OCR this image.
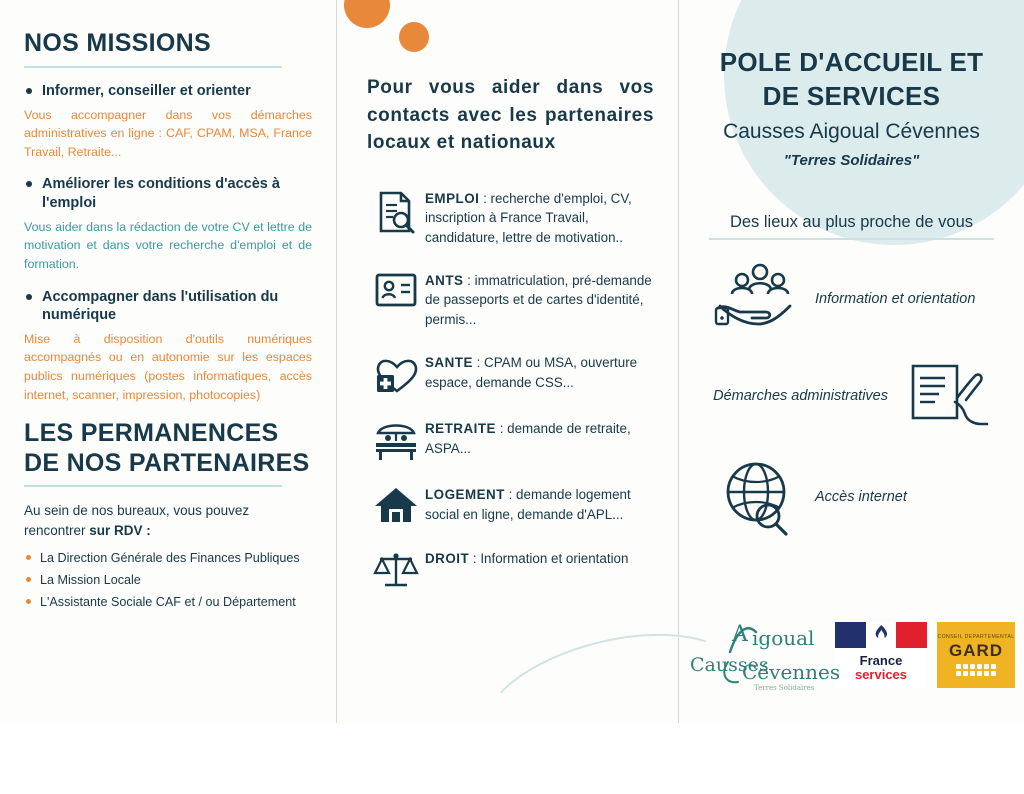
NOS MISSIONS
Informer, conseiller et orienter

Vous accompagner dans vos démarches administratives en ligne : CAF, CPAM, MSA, France Travail, Retraite...

Améliorer les conditions d'accès à l'emploi

Vous aider dans la rédaction de votre CV et lettre de motivation et dans votre recherche d'emploi et de formation.

Accompagner dans l'utilisation du numérique

Mise à disposition d'outils numériques accompagnés ou en autonomie sur les espaces publics numériques (postes informatiques, accès internet, scanner, impression, photocopies)

LES PERMANENCES
DE NOS PARTENAIRES

Au sein de nos bureaux, vous pouvez rencontrer sur RDV :

La Direction Générale des Finances Publiques
La Mission Locale
L'Assistante Sociale CAF et / ou Département
Pour vous aider dans vos contacts avec les partenaires locaux et nationaux
EMPLOI : recherche d'emploi, CV, inscription à France Travail, candidature, lettre de motivation..
ANTS : immatriculation, pré-demande de passeports et de cartes d'identité, permis...
SANTE : CPAM ou MSA, ouverture espace, demande CSS...
RETRAITE : demande de retraite, ASPA...
LOGEMENT : demande logement social en ligne, demande d'APL...
DROIT : Information et orientation
POLE D'ACCUEIL ET
DE SERVICES
Causses Aigoual Cévennes
"Terres Solidaires"
Des lieux au plus proche de vous
Information et orientation
Démarches administratives
Accès internet
Causses
A igoual
Cévennes
Terres Solidaires
France
services
CONSEIL DEPARTEMENTAL
GARD
